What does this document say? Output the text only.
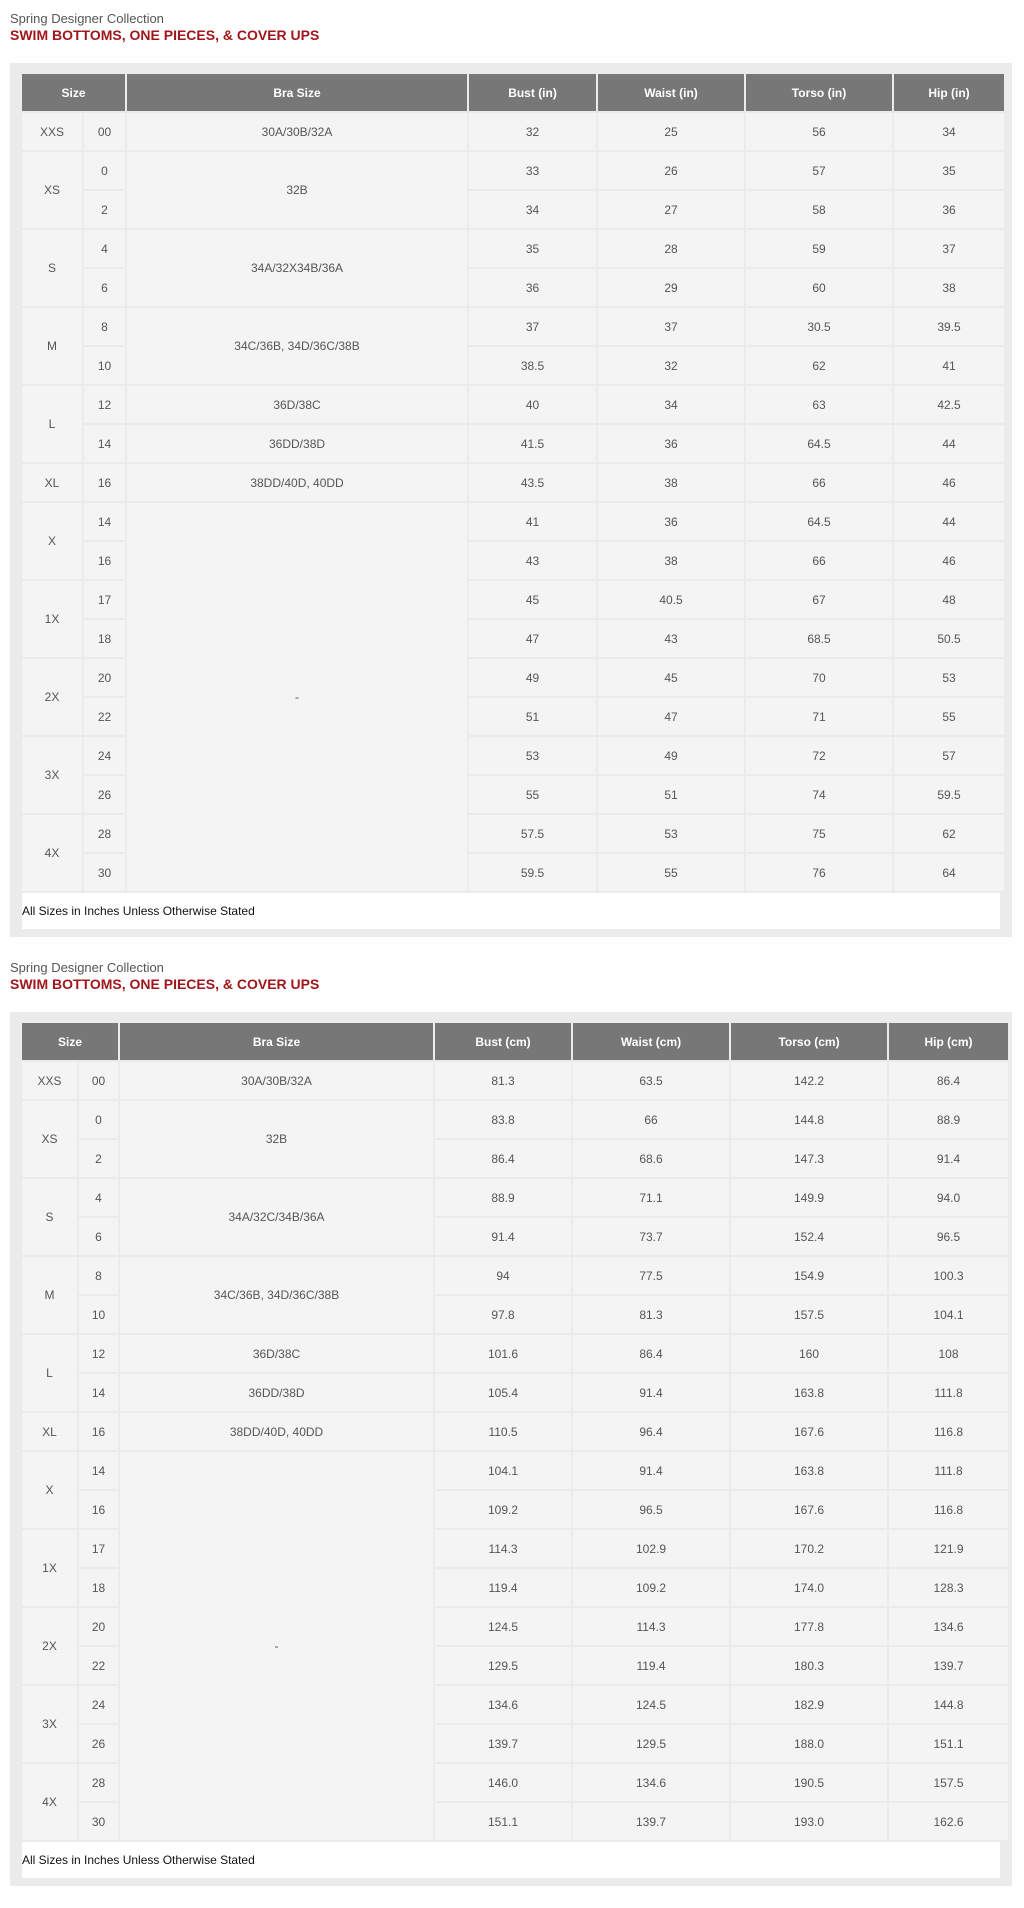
Spring Designer Collection
SWIM BOTTOMS, ONE PIECES, & COVER UPS
Size		Bra Size	Bust (in)	Waist (in)	Torso (in)	Hip (in)
XXS	00	30A/30B/32A	32	25	56	34
XS	0	32B	33	26	57	35
	2		34	27	58	36
S	4	34A/32X34B/36A	35	28	59	37
	6		36	29	60	38
M	8	34C/36B, 34D/36C/38B	37	37	30.5	39.5
	10		38.5	32	62	41
L	12	36D/38C	40	34	63	42.5
	14	36DD/38D	41.5	36	64.5	44
XL	16	38DD/40D, 40DD	43.5	38	66	46
X	14	-	41	36	64.5	44
	16		43	38	66	46
1X	17		45	40.5	67	48
	18		47	43	68.5	50.5
2X	20		49	45	70	53
	22		51	47	71	55
3X	24		53	49	72	57
	26		55	51	74	59.5
4X	28		57.5	53	75	62
	30		59.5	55	76	64
All Sizes in Inches Unless Otherwise Stated
Spring Designer Collection
SWIM BOTTOMS, ONE PIECES, & COVER UPS
Size		Bra Size	Bust (cm)	Waist (cm)	Torso (cm)	Hip (cm)
XXS	00	30A/30B/32A	81.3	63.5	142.2	86.4
XS	0	32B	83.8	66	144.8	88.9
	2		86.4	68.6	147.3	91.4
S	4	34A/32C/34B/36A	88.9	71.1	149.9	94.0
	6		91.4	73.7	152.4	96.5
M	8	34C/36B, 34D/36C/38B	94	77.5	154.9	100.3
	10		97.8	81.3	157.5	104.1
L	12	36D/38C	101.6	86.4	160	108
	14	36DD/38D	105.4	91.4	163.8	111.8
XL	16	38DD/40D, 40DD	110.5	96.4	167.6	116.8
X	14	-	104.1	91.4	163.8	111.8
	16		109.2	96.5	167.6	116.8
1X	17		114.3	102.9	170.2	121.9
	18		119.4	109.2	174.0	128.3
2X	20		124.5	114.3	177.8	134.6
	22		129.5	119.4	180.3	139.7
3X	24		134.6	124.5	182.9	144.8
	26		139.7	129.5	188.0	151.1
4X	28		146.0	134.6	190.5	157.5
	30		151.1	139.7	193.0	162.6
All Sizes in Inches Unless Otherwise Stated
